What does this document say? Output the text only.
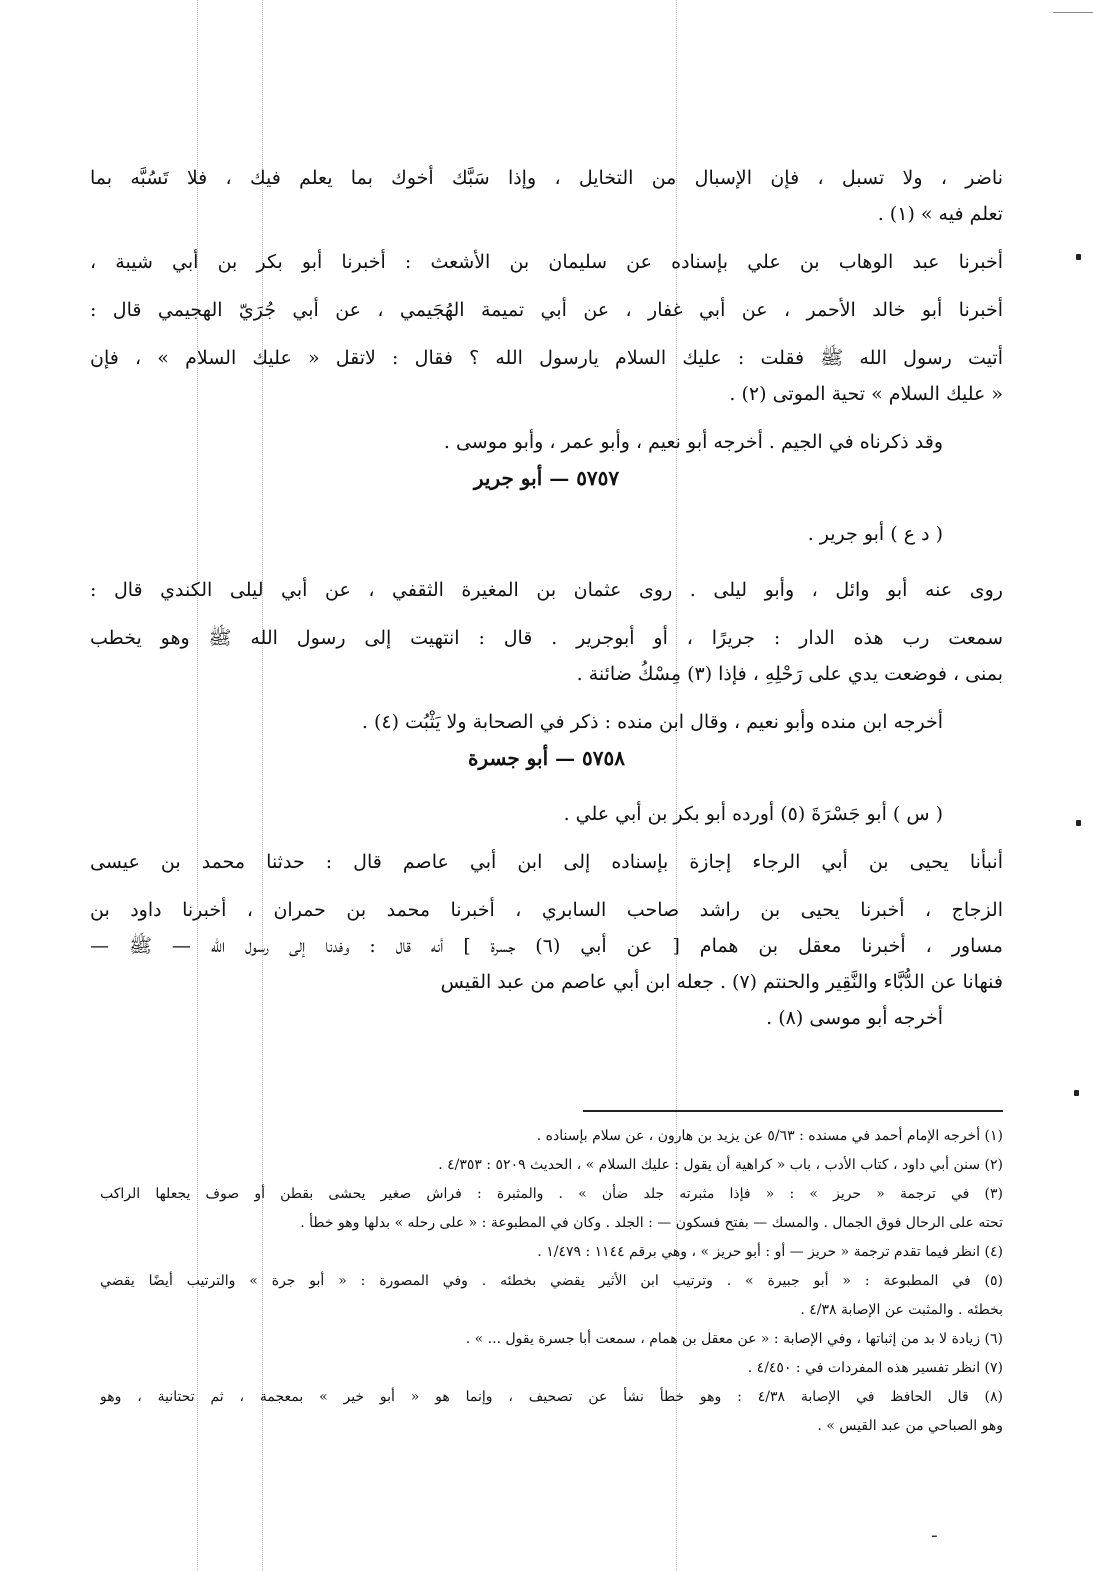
ناضر ، ولا تسبل ، فإن الإسبال من التخايل ، وإذا سَبَّك أخوك بما يعلم فيك ، فلا تَسُبَّه بما
تعلم فيه » (١) .
أخبرنا عبد الوهاب بن علي بإسناده عن سليمان بن الأشعث : أخبرنا أبو بكر بن أبي شيبة ،
أخبرنا أبو خالد الأحمر ، عن أبي غفار ، عن أبي تميمة الهُجَيمي ، عن أبي جُرَيّ الهجيمي قال :
أتيت رسول الله ﷺ فقلت : عليك السلام يارسول الله ؟ فقال : لاتقل « عليك السلام » ، فإن
« عليك السلام » تحية الموتى (٢) .
وقد ذكرناه في الجيم . أخرجه أبو نعيم ، وأبو عمر ، وأبو موسى .
٥٧٥٧ — أبو جرير
( د ع ) أبو جرير .
روى عنه أبو وائل ، وأبو ليلى . روى عثمان بن المغيرة الثقفي ، عن أبي ليلى الكندي قال :
سمعت رب هذه الدار : جريرًا ، أو أبوجرير . قال : انتهيت إلى رسول الله ﷺ وهو يخطب
بمنى ، فوضعت يدي على رَحْلِهِ ، فإذا (٣) مِسْكُ ضائنة .
أخرجه ابن منده وأبو نعيم ، وقال ابن منده : ذكر في الصحابة ولا يَثْبُت (٤) .
٥٧٥٨ — أبو جسرة
( س ) أبو جَسْرَةَ (٥) أورده أبو بكر بن أبي علي .
أنبأنا يحيى بن أبي الرجاء إجازة بإسناده إلى ابن أبي عاصم قال : حدثنا محمد بن عيسى
الزجاج ، أخبرنا يحيى بن راشد صاحب السابري ، أخبرنا محمد بن حمران ، أخبرنا داود بن
مساور ، أخبرنا معقل بن همام [ عن أبي (٦) جسرة ] أنه قال : وفدنا إلى رسول الله — ﷺ —
فنهانا عن الدُّبَّاء والنَّقِير والحنتم (٧) . جعله ابن أبي عاصم من عبد القيس
أخرجه أبو موسى (٨) .
(١) أخرجه الإمام أحمد في مسنده : ٥/٦٣ عن يزيد بن هارون ، عن سلام بإسناده .
(٢) سنن أبي داود ، كتاب الأدب ، باب « كراهية أن يقول : عليك السلام » ، الحديث ٥٢٠٩ : ٤/٣٥٣ .
(٣) في ترجمة « حريز » : « فإذا مثبرته جلد ضأن » . والمثبرة : فراش صغير يحشى بقطن أو صوف يجعلها الراكب
تحته على الرحال فوق الجمال . والمسك — بفتح فسكون — : الجلد . وكان في المطبوعة : « على رحله » بدلها وهو خطأ .
(٤) انظر فيما تقدم ترجمة « حريز — أو : أبو حريز » ، وهي برقم ١١٤٤ : ١/٤٧٩ .
(٥) في المطبوعة : « أبو جبيرة » . وترتيب ابن الأثير يقضي بخطئه . وفي المصورة : « أبو جرة » والترتيب أيضًا يقضي
بخطئه . والمثبت عن الإصابة ٤/٣٨ .
(٦) زيادة لا بد من إثباتها ، وفي الإصابة : « عن معقل بن همام ، سمعت أبا جسرة يقول ... » .
(٧) انظر تفسير هذه المفردات في : ٤/٤٥٠ .
(٨) قال الحافظ في الإصابة ٤/٣٨ : وهو خطأ نشأ عن تصحيف ، وإنما هو « أبو خير » بمعجمة ، ثم تحتانية ، وهو
وهو الصباحي من عبد القيس » .
ـ
